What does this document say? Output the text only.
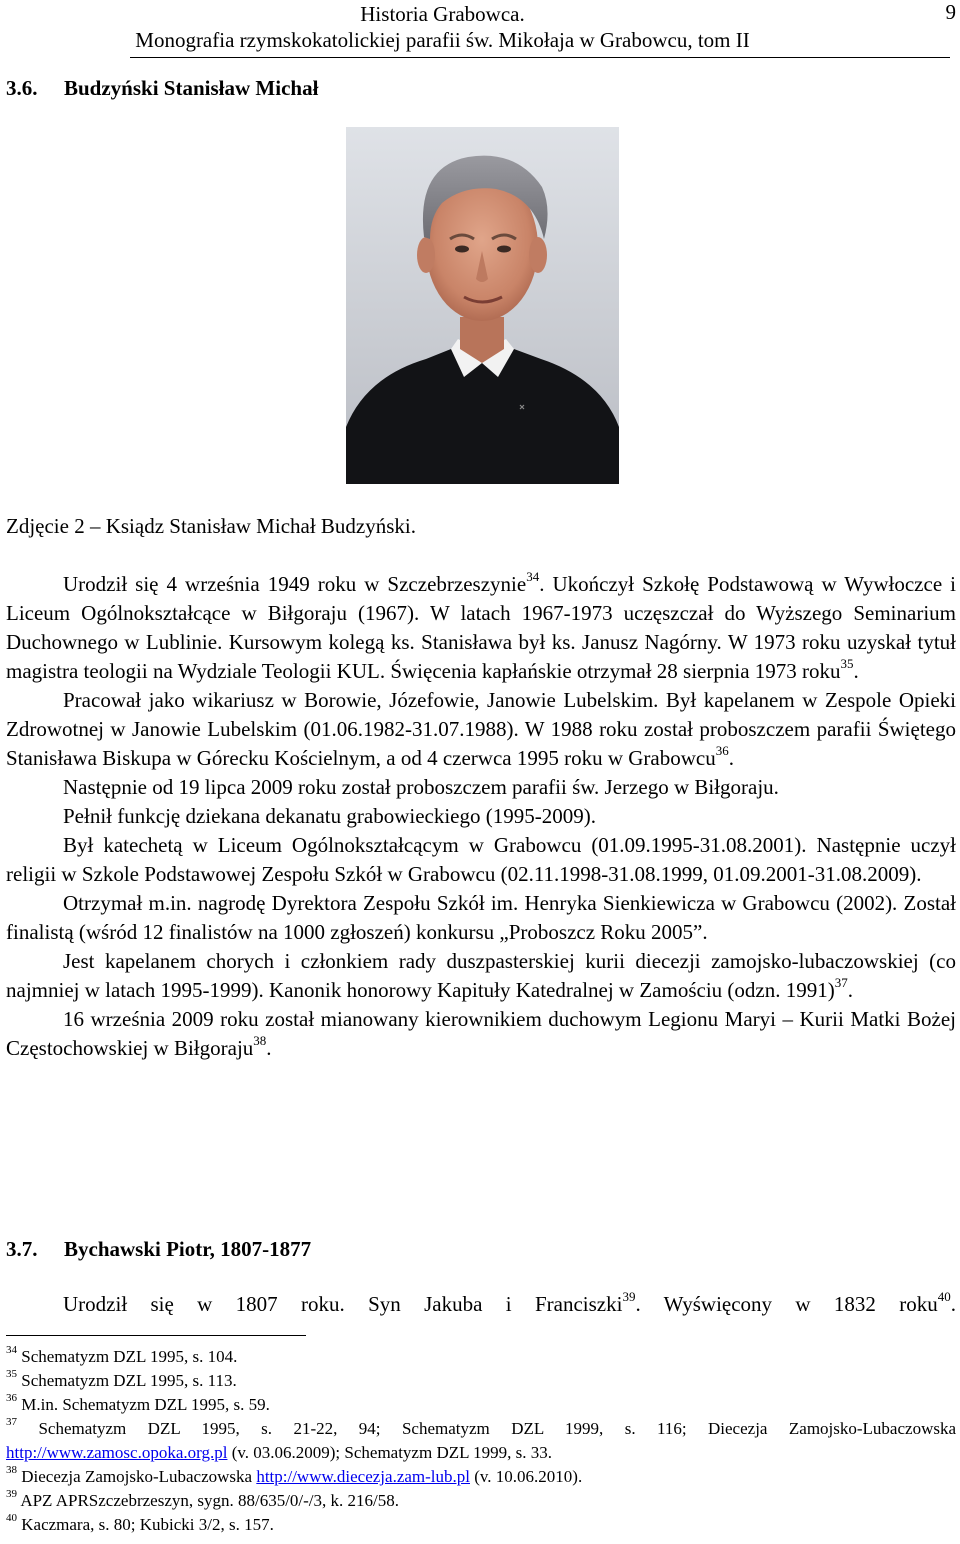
Historia Grabowca.
Monografia rzymskokatolickiej parafii św. Mikołaja w Grabowcu, tom II
9
3.6. Budzyński Stanisław Michał
Zdjęcie 2 – Ksiądz Stanisław Michał Budzyński.

Urodził się 4 września 1949 roku w Szczebrzeszynie$^{34}$. Ukończył Szkołę Podstawową w Wywłoczce i Liceum Ogólnokształcące w Biłgoraju (1967). W latach 1967-1973 uczęszczał do Wyższego Seminarium Duchownego w Lublinie. Kursowym kolegą ks. Stanisława był ks. Janusz Nagórny. W 1973 roku uzyskał tytuł magistra teologii na Wydziale Teologii KUL. Święcenia kapłańskie otrzymał 28 sierpnia 1973 roku$^{35}$.

Pracował jako wikariusz w Borowie, Józefowie, Janowie Lubelskim. Był kapelanem w Zespole Opieki Zdrowotnej w Janowie Lubelskim (01.06.1982-31.07.1988). W 1988 roku został proboszczem parafii Świętego Stanisława Biskupa w Górecku Kościelnym, a od 4 czerwca 1995 roku w Grabowcu$^{36}$.

Następnie od 19 lipca 2009 roku został proboszczem parafii św. Jerzego w Biłgoraju.

Pełnił funkcję dziekana dekanatu grabowieckiego (1995-2009).

Był katechetą w Liceum Ogólnokształcącym w Grabowcu (01.09.1995-31.08.2001). Następnie uczył religii w Szkole Podstawowej Zespołu Szkół w Grabowcu (02.11.1998-31.08.1999, 01.09.2001-31.08.2009).

Otrzymał m.in. nagrodę Dyrektora Zespołu Szkół im. Henryka Sienkiewicza w Grabowcu (2002). Został finalistą (wśród 12 finalistów na 1000 zgłoszeń) konkursu „Proboszcz Roku 2005”.

Jest kapelanem chorych i członkiem rady duszpasterskiej kurii diecezji zamojsko-lubaczowskiej (co najmniej w latach 1995-1999). Kanonik honorowy Kapituły Katedralnej w Zamościu (odzn. 1991)$^{37}$.

16 września 2009 roku został mianowany kierownikiem duchowym Legionu Maryi – Kurii Matki Bożej Częstochowskiej w Biłgoraju$^{38}$.

3.7. Bychawski Piotr, 1807-1877

Urodził się w 1807 roku. Syn Jakuba i Franciszki$^{39}$. Wyświęcony w 1832 roku$^{40}$.

$^{34}$ Schematyzm DZL 1995, s. 104.

$^{35}$ Schematyzm DZL 1995, s. 113.

$^{36}$ M.in. Schematyzm DZL 1995, s. 59.

$^{37}$ Schematyzm DZL 1995, s. 21-22, 94; Schematyzm DZL 1999, s. 116; Diecezja Zamojsko-Lubaczowska http://www.zamosc.opoka.org.pl (v. 03.06.2009); Schematyzm DZL 1999, s. 33.

$^{38}$ Diecezja Zamojsko-Lubaczowska http://www.diecezja.zam-lub.pl (v. 10.06.2010).

$^{39}$ APZ APRSzczebrzeszyn, sygn. 88/635/0/-/3, k. 216/58.

$^{40}$ Kaczmara, s. 80; Kubicki 3/2, s. 157.
